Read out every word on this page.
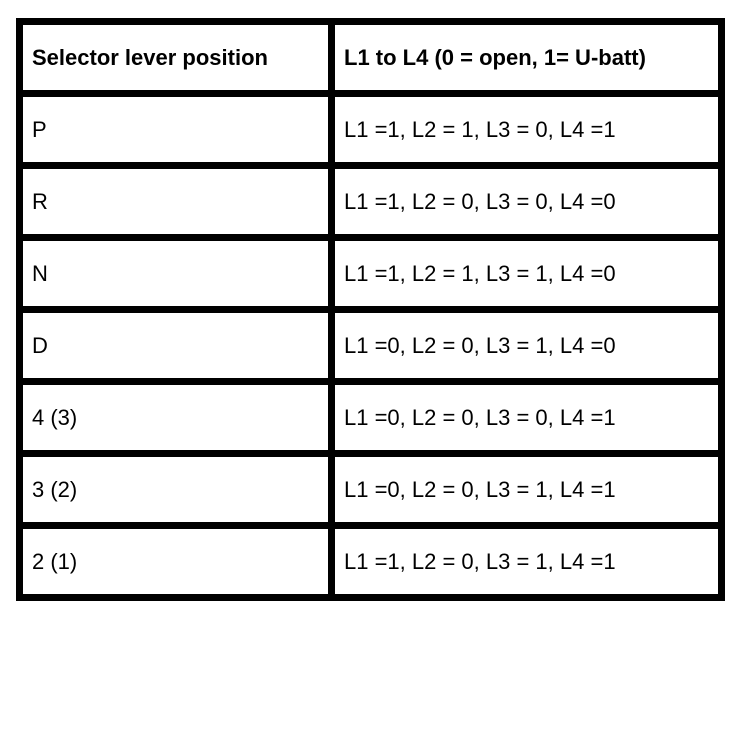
Selector lever position	L1 to L4 (0 = open, 1= U-batt)
P	L1 =1, L2 = 1, L3 = 0, L4 =1
R	L1 =1, L2 = 0, L3 = 0, L4 =0
N	L1 =1, L2 = 1, L3 = 1, L4 =0
D	L1 =0, L2 = 0, L3 = 1, L4 =0
4 (3)	L1 =0, L2 = 0, L3 = 0, L4 =1
3 (2)	L1 =0, L2 = 0, L3 = 1, L4 =1
2 (1)	L1 =1, L2 = 0, L3 = 1, L4 =1
